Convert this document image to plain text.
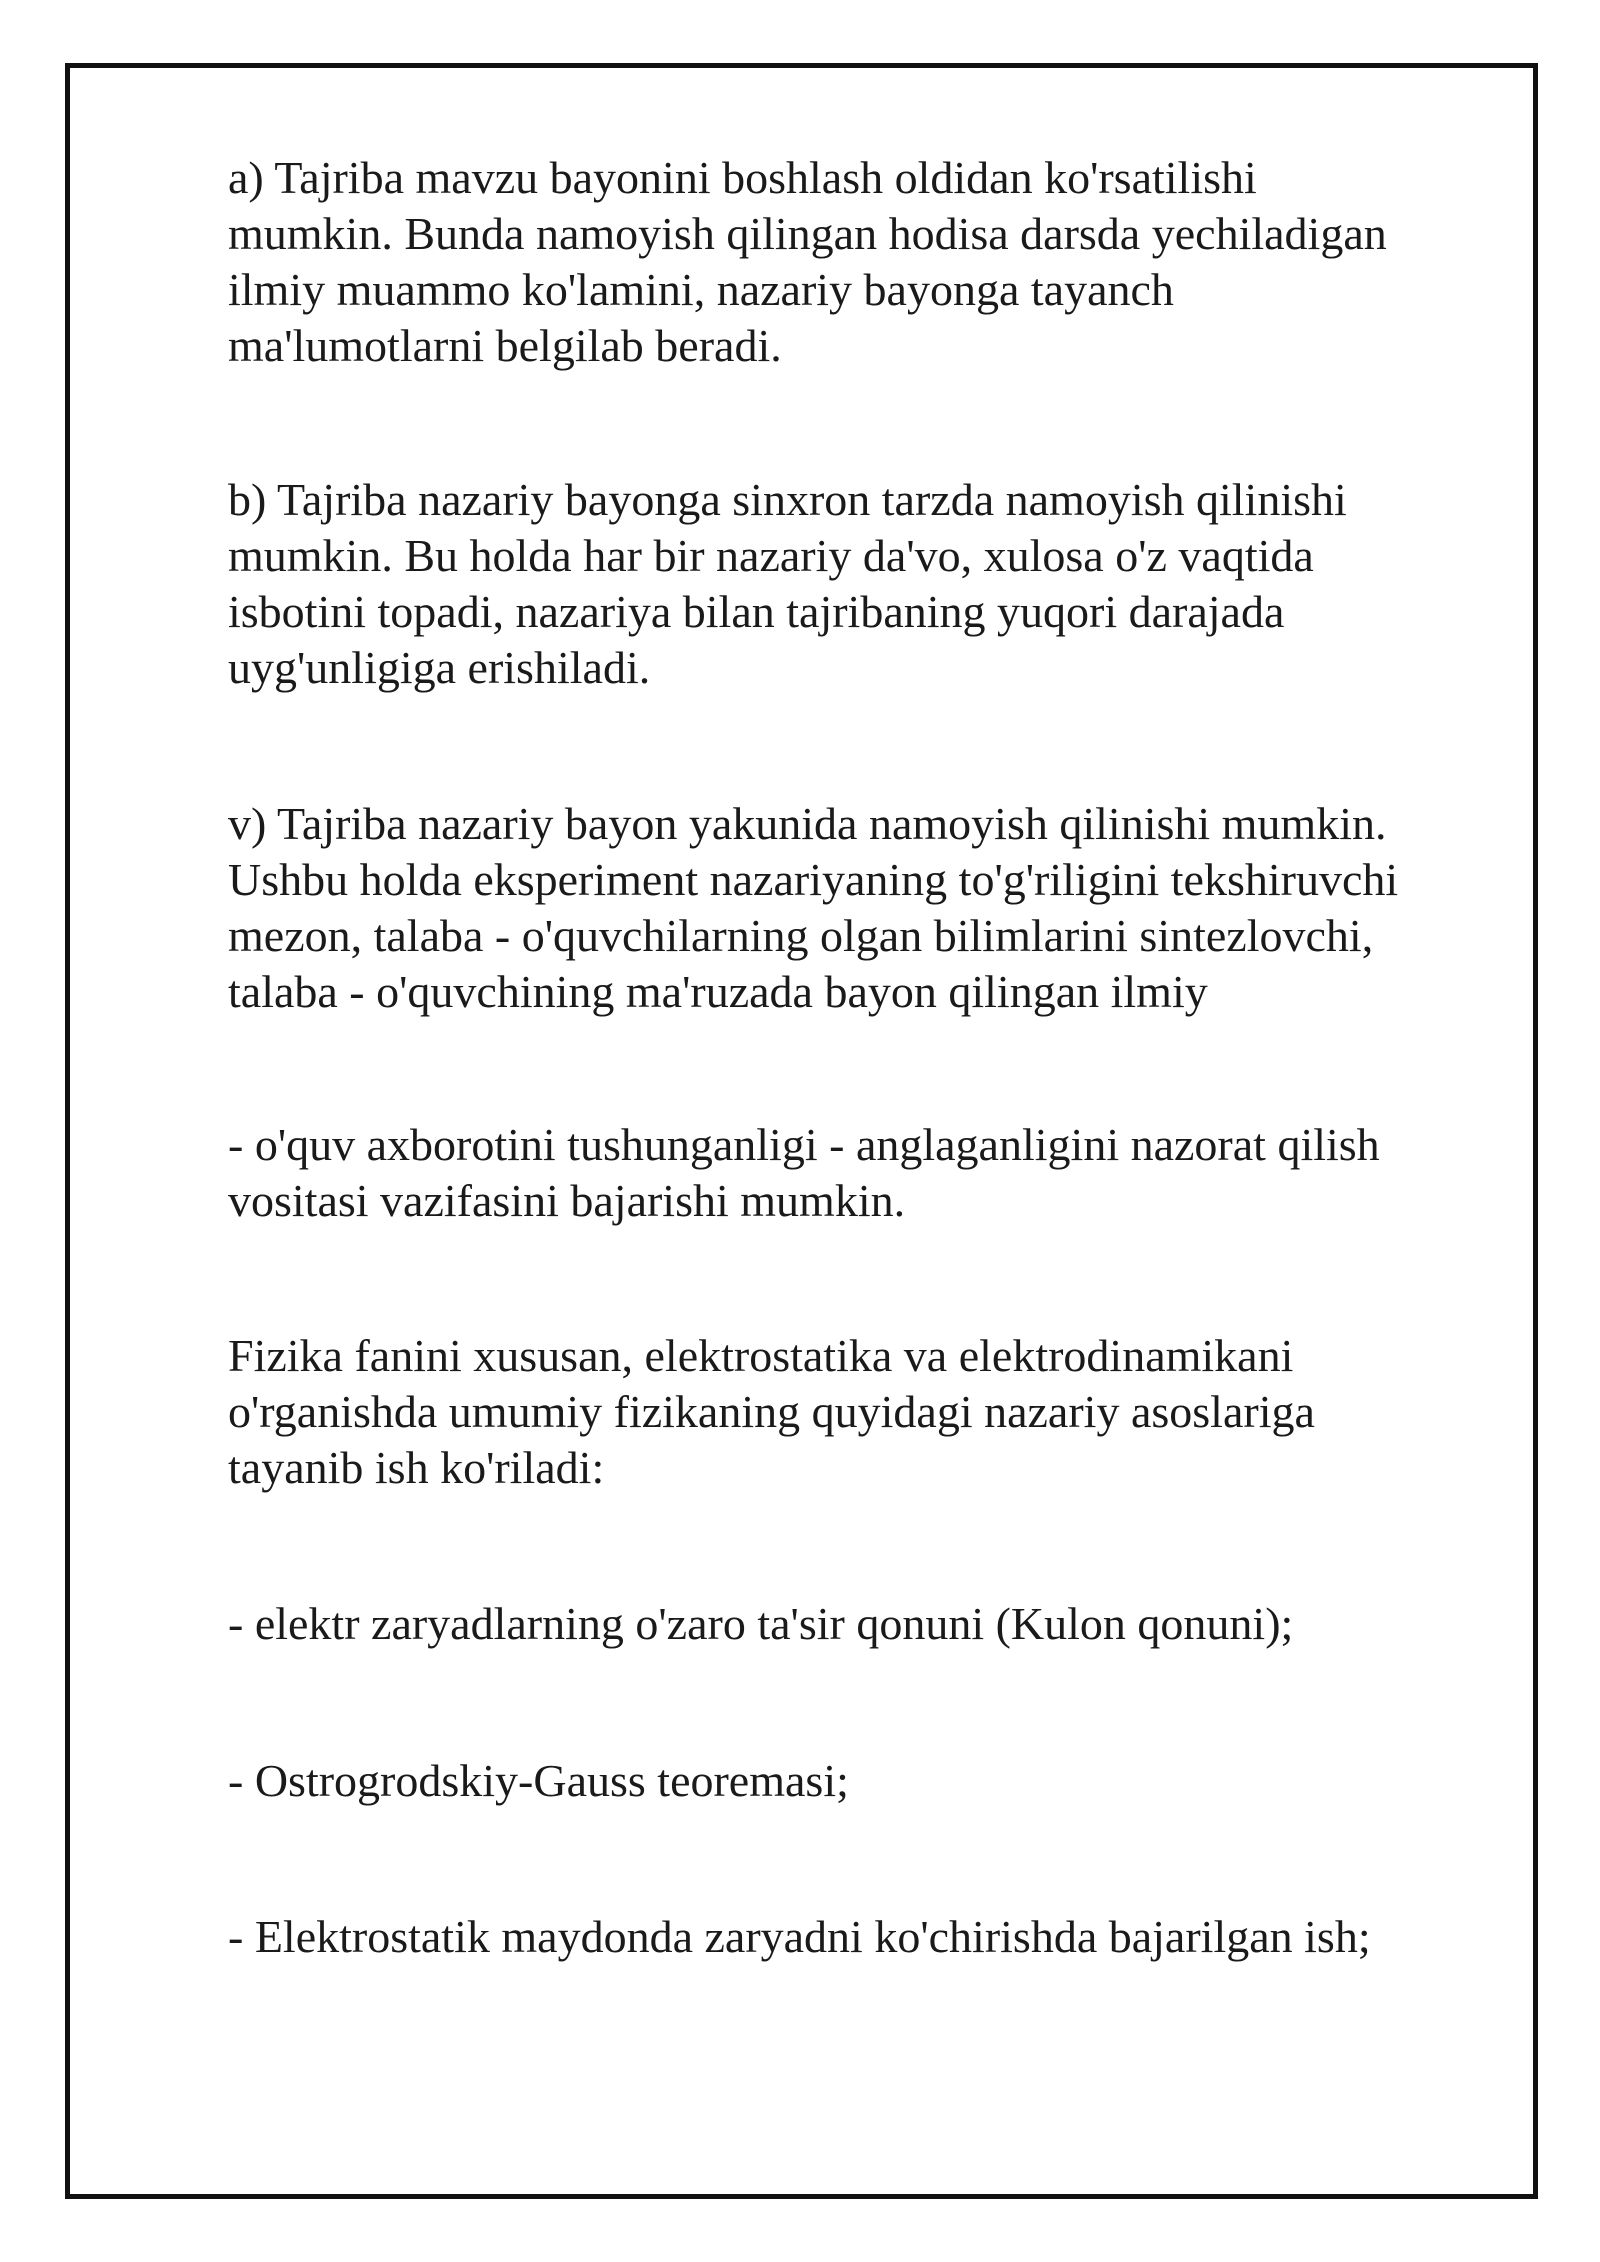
a) Tajriba mavzu bayonini boshlash oldidan ko'rsatilishi
mumkin. Bunda namoyish qilingan hodisa darsda yechiladigan
ilmiy muammo ko'lamini, nazariy bayonga tayanch
ma'lumotlarni belgilab beradi.

b) Tajriba nazariy bayonga sinxron tarzda namoyish qilinishi
mumkin. Bu holda har bir nazariy da'vo, xulosa o'z vaqtida
isbotini topadi, nazariya bilan tajribaning yuqori darajada
uyg'unligiga erishiladi.

v) Tajriba nazariy bayon yakunida namoyish qilinishi mumkin.
Ushbu holda eksperiment nazariyaning to'g'riligini tekshiruvchi
mezon, talaba - o'quvchilarning olgan bilimlarini sintezlovchi,
talaba - o'quvchining ma'ruzada bayon qilingan ilmiy

- o'quv axborotini tushunganligi - anglaganligini nazorat qilish
vositasi vazifasini bajarishi mumkin.

Fizika fanini xususan, elektrostatika va elektrodinamikani
o'rganishda umumiy fizikaning quyidagi nazariy asoslariga
tayanib ish ko'riladi:

- elektr zaryadlarning o'zaro ta'sir qonuni (Kulon qonuni);

- Ostrogrodskiy-Gauss teoremasi;

- Elektrostatik maydonda zaryadni ko'chirishda bajarilgan ish;
